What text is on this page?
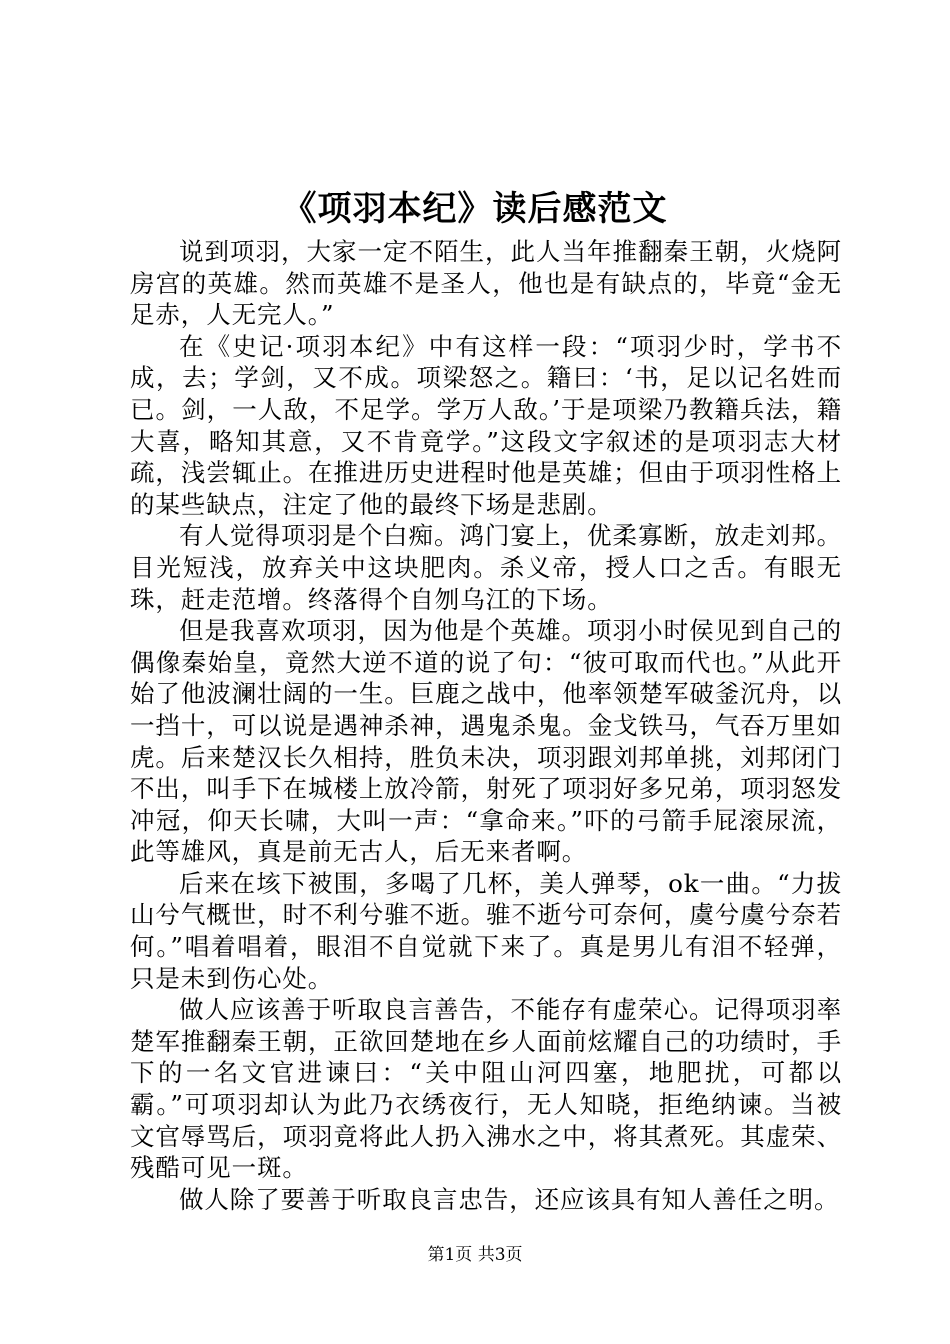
《项羽本纪》读后感范文

说到项羽，大家一定不陌生，此人当年推翻秦王朝，火烧阿房宫的英雄。然而英雄不是圣人，他也是有缺点的，毕竟“金无足赤，人无完人。”

在《史记·项羽本纪》中有这样一段：“项羽少时，学书不成，去；学剑，又不成。项梁怒之。籍曰：‘书，足以记名姓而已。剑，一人敌，不足学。学万人敌。’于是项梁乃教籍兵法，籍大喜，略知其意，又不肯竟学。”这段文字叙述的是项羽志大材疏，浅尝辄止。在推进历史进程时他是英雄；但由于项羽性格上的某些缺点，注定了他的最终下场是悲剧。

有人觉得项羽是个白痴。鸿门宴上，优柔寡断，放走刘邦。目光短浅，放弃关中这块肥肉。杀义帝，授人口之舌。有眼无珠，赶走范增。终落得个自刎乌江的下场。

但是我喜欢项羽，因为他是个英雄。项羽小时侯见到自己的偶像秦始皇，竟然大逆不道的说了句：“彼可取而代也。”从此开始了他波澜壮阔的一生。巨鹿之战中，他率领楚军破釜沉舟，以一挡十，可以说是遇神杀神，遇鬼杀鬼。金戈铁马，气吞万里如虎。后来楚汉长久相持，胜负未决，项羽跟刘邦单挑，刘邦闭门不出，叫手下在城楼上放冷箭，射死了项羽好多兄弟，项羽怒发冲冠，仰天长啸，大叫一声：“拿命来。”吓的弓箭手屁滚尿流，此等雄风，真是前无古人，后无来者啊。

后来在垓下被围，多喝了几杯，美人弹琴，ok一曲。“力拔山兮气概世，时不利兮骓不逝。骓不逝兮可奈何，虞兮虞兮奈若何。”唱着唱着，眼泪不自觉就下来了。真是男儿有泪不轻弹，只是未到伤心处。

做人应该善于听取良言善告，不能存有虚荣心。记得项羽率楚军推翻秦王朝，正欲回楚地在乡人面前炫耀自己的功绩时，手下的一名文官进谏曰：“关中阻山河四塞，地肥扰，可都以霸。”可项羽却认为此乃衣绣夜行，无人知晓，拒绝纳谏。当被文官辱骂后，项羽竟将此人扔入沸水之中，将其煮死。其虚荣、残酷可见一斑。

做人除了要善于听取良言忠告，还应该具有知人善任之明。

第1页 共3页
